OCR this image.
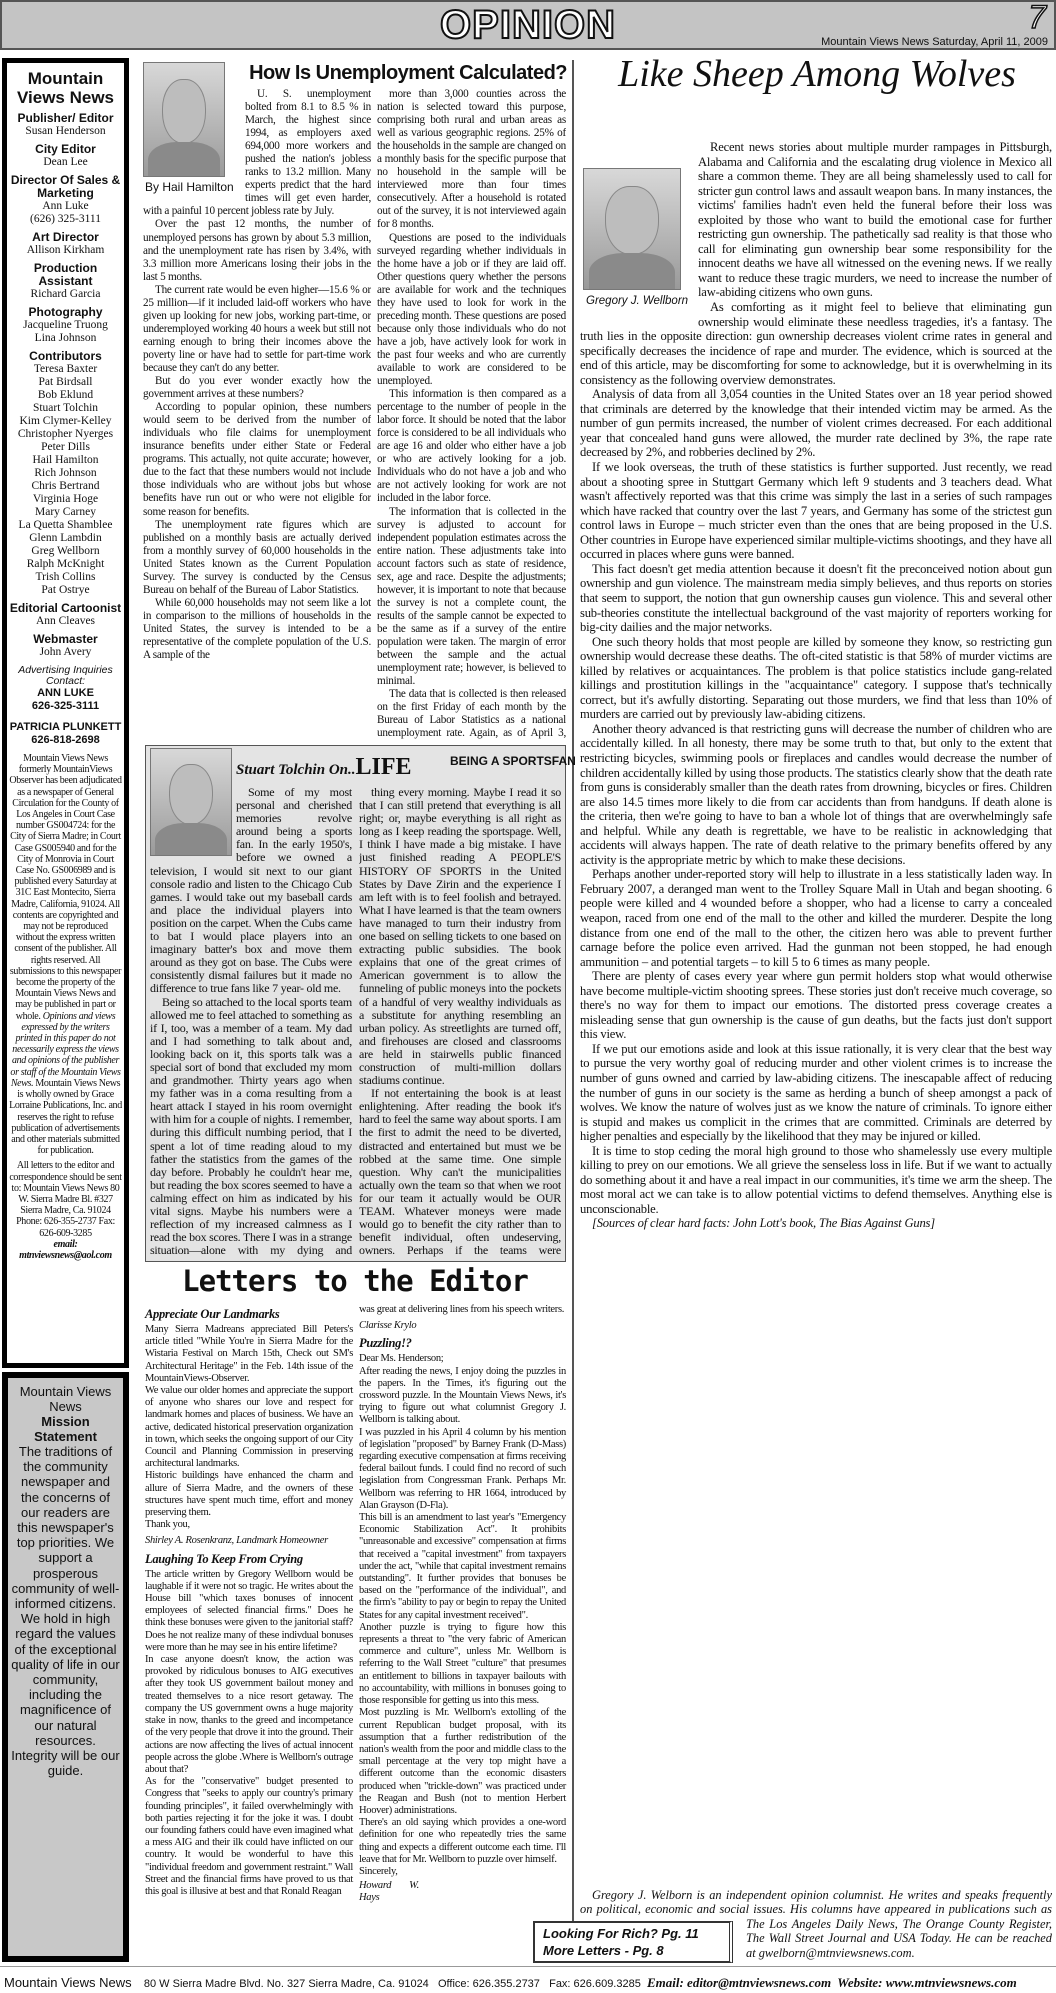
OPINION	7
Mountain Views News Saturday, April 11, 2009
Mountain Views News
Publisher/ Editor
Susan Henderson
City Editor
Dean Lee
Director Of Sales & Marketing
Ann Luke
(626) 325-3111
Art Director
Allison Kirkham
Production Assistant
Richard Garcia
Photography
Jacqueline Truong
Lina Johnson
Contributors
Teresa Baxter
Pat Birdsall
Bob Eklund
Stuart Tolchin
Kim Clymer-Kelley
Christopher Nyerges
Peter Dills
Hail Hamilton
Rich Johnson
Chris Bertrand
Virginia Hoge
Mary Carney
La Quetta Shamblee
Glenn Lambdin
Greg Wellborn
Ralph McKnight
Trish Collins
Pat Ostrye
Editorial Cartoonist
Ann Cleaves
Webmaster
John Avery
Advertising Inquiries Contact:
ANN LUKE
626-325-3111
PATRICIA PLUNKETT
626-818-2698
Mountain Views News formerly MountainViews Observer has been adjudicated as a newspaper of General Circulation for the County of Los Angeles in Court Case number GS004724: for the City of Sierra Madre; in Court Case GS005940 and for the City of Monrovia in Court Case No. GS006989 and is published every Saturday at 31C East Montecito, Sierra Madre, California, 91024. All contents are copyrighted and may not be reproduced without the express written consent of the publisher. All rights reserved. All submissions to this newspaper become the property of the Mountain Views News and may be published in part or whole. Opinions and views expressed by the writers printed in this paper do not necessarily express the views and opinions of the publisher or staff of the Mountain Views News. Mountain Views News is wholly owned by Grace Lorraine Publications, Inc. and reserves the right to refuse publication of advertisements and other materials submitted for publication.
All letters to the editor and correspondence should be sent to: Mountain Views News 80 W. Sierra Madre Bl. #327 Sierra Madre, Ca. 91024 Phone: 626-355-2737 Fax: 626-609-3285
email:
mtnviewsnews@aol.com
Mountain Views News
Mission Statement
The traditions of the community newspaper and the concerns of our readers are this newspaper's top priorities. We support a prosperous community of well-informed citizens. We hold in high regard the values of the exceptional quality of life in our community, including the magnificence of our natural resources. Integrity will be our guide.
By Hail Hamilton
How Is Unemployment Calculated?

U. S. unemployment bolted from 8.1 to 8.5 % in March, the highest since 1994, as employers axed 694,000 more workers and pushed the nation's jobless ranks to 13.2 million. Many experts predict that the hard times will get even harder, with a painful 10 percent jobless rate by July.

Over the past 12 months, the number of unemployed persons has grown by about 5.3 million, and the unemployment rate has risen by 3.4%, with 3.3 million more Americans losing their jobs in the last 5 months.

The current rate would be even higher—15.6 % or 25 million—if it included laid-off workers who have given up looking for new jobs, working part-time, or underemployed working 40 hours a week but still not earning enough to bring their incomes above the poverty line or have had to settle for part-time work because they can't do any better.

But do you ever wonder exactly how the government arrives at these numbers?

According to popular opinion, these numbers would seem to be derived from the number of individuals who file claims for unemployment insurance benefits under either State or Federal programs. This actually, not quite accurate; however, due to the fact that these numbers would not include those individuals who are without jobs but whose benefits have run out or who were not eligible for some reason for benefits.

The unemployment rate figures which are published on a monthly basis are actually derived from a monthly survey of 60,000 households in the United States known as the Current Population Survey. The survey is conducted by the Census Bureau on behalf of the Bureau of Labor Statistics.

While 60,000 households may not seem like a lot in comparison to the millions of households in the United States, the survey is intended to be a representative of the complete population of the U.S. A sample of the

more than 3,000 counties across the nation is selected toward this purpose, comprising both rural and urban areas as well as various geographic regions. 25% of the households in the sample are changed on a monthly basis for the specific purpose that no household in the sample will be interviewed more than four times consecutively. After a household is rotated out of the survey, it is not interviewed again for 8 months.

Questions are posed to the individuals surveyed regarding whether individuals in the home have a job or if they are laid off. Other questions query whether the persons are available for work and the techniques they have used to look for work in the preceding month. These questions are posed because only those individuals who do not have a job, have actively look for work in the past four weeks and who are currently available to work are considered to be unemployed.

This information is then compared as a percentage to the number of people in the labor force. It should be noted that the labor force is considered to be all individuals who are age 16 and older who either have a job or who are actively looking for a job. Individuals who do not have a job and who are not actively looking for work are not included in the labor force.

The information that is collected in the survey is adjusted to account for independent population estimates across the entire nation. These adjustments take into account factors such as state of residence, sex, age and race. Despite the adjustments; however, it is important to note that because the survey is not a complete count, the results of the sample cannot be expected to be the same as if a survey of the entire population were taken. The margin of error between the sample and the actual unemployment rate; however, is believed to minimal.

The data that is collected is then released on the first Friday of each month by the Bureau of Labor Statistics as a national unemployment rate. Again, as of April 3,

Stuart Tolchin On..LIFE	BEING A SPORTSFAN

Some of my most personal and cherished memories revolve around being a sports fan. In the early 1950's, before we owned a television, I would sit next to our giant console radio and listen to the Chicago Cub games. I would take out my baseball cards and place the individual players into position on the carpet. When the Cubs came to bat I would place players into an imaginary batter's box and move them around as they got on base. The Cubs were consistently dismal failures but it made no difference to true fans like 7 year- old me.

Being so attached to the local sports team allowed me to feel attached to something as if I, too, was a member of a team. My dad and I had something to talk about and, looking back on it, this sports talk was a special sort of bond that excluded my mom and grandmother. Thirty years ago when my father was in a coma resulting from a heart attack I stayed in his room overnight with him for a couple of nights. I remember, during this difficult numbing period, that I spent a lot of time reading aloud to my father the statistics from the games of the day before. Probably he couldn't hear me, but reading the box scores seemed to have a calming effect on him as indicated by his vital signs. Maybe his numbers were a reflection of my increased calmness as I read the box scores. There I was in a strange situation—alone with my dying and

thing every morning. Maybe I read it so that I can still pretend that everything is all right; or, maybe everything is all right as long as I keep reading the sportspage. Well, I think I have made a big mistake. I have just finished reading A PEOPLE'S HISTORY OF SPORTS in the United States by Dave Zirin and the experience I am left with is to feel foolish and betrayed. What I have learned is that the team owners have managed to turn their industry from one based on selling tickets to one based on extracting public subsidies. The book explains that one of the great crimes of American government is to allow the funneling of public moneys into the pockets of a handful of very wealthy individuals as a substitute for anything resembling an urban policy. As streetlights are turned off, and firehouses are closed and classrooms are held in stairwells public financed construction of multi-million dollars stadiums continue.

If not entertaining the book is at least enlightening. After reading the book it's hard to feel the same way about sports. I am the first to admit the need to be diverted, distracted and entertained but must we be robbed at the same time. One simple question. Why can't the municipalities actually own the team so that when we root for our team it actually would be OUR TEAM. Whatever moneys were made would go to benefit the city rather than to benefit individual, often undeserving, owners. Perhaps if the teams were

Letters to the Editor
Appreciate Our Landmarks

Many Sierra Madreans appreciated Bill Peters's article titled "While You're in Sierra Madre for the Wistaria Festival on March 15th, Check out SM's Architectural Heritage" in the Feb. 14th issue of the MountainViews-Observer.

We value our older homes and appreciate the support of anyone who shares our love and respect for landmark homes and places of business. We have an active, dedicated historical preservation organization in town, which seeks the ongoing support of our City Council and Planning Commission in preserving architectural landmarks.

Historic buildings have enhanced the charm and allure of Sierra Madre, and the owners of these structures have spent much time, effort and money preserving them.

Thank you,

Shirley A. Rosenkranz, Landmark Homeowner

Laughing To Keep From Crying

The article written by Gregory Wellborn would be laughable if it were not so tragic. He writes about the House bill "which taxes bonuses of innocent employees of selected financial firms." Does he think these bonuses were given to the janitorial staff? Does he not realize many of these indivdual bonuses were more than he may see in his entire lifetime?

In case anyone doesn't know, the action was provoked by ridiculous bonuses to AIG executives after they took US government bailout money and treated themselves to a nice resort getaway. The company the US government owns a huge majority stake in now, thanks to the greed and incompetance of the very people that drove it into the ground. Their actions are now affecting the lives of actual innocent people across the globe .Where is Wellborn's outrage about that?

As for the "conservative" budget presented to Congress that "seeks to apply our country's primary founding principles", it failed overwhelmingly with both parties rejecting it for the joke it was. I doubt our founding fathers could have even imagined what a mess AIG and their ilk could have inflicted on our country. It would be wonderful to have this "individual freedom and government restraint." Wall Street and the financial firms have proved to us that this goal is illusive at best and that Ronald Reagan

was great at delivering lines from his speech writers.

Clarisse Krylo

Puzzling!?

Dear Ms. Henderson;

After reading the news, I enjoy doing the puzzles in the papers. In the Times, it's figuring out the crossword puzzle. In the Mountain Views News, it's trying to figure out what columnist Gregory J. Wellborn is talking about.

I was puzzled in his April 4 column by his mention of legislation "proposed" by Barney Frank (D-Mass) regarding executive compensation at firms receiving federal bailout funds. I could find no record of such legislation from Congressman Frank. Perhaps Mr. Wellborn was referring to HR 1664, introduced by Alan Grayson (D-Fla).

This bill is an amendment to last year's "Emergency Economic Stabilization Act". It prohibits "unreasonable and excessive" compensation at firms that received a "capital investment" from taxpayers under the act, "while that capital investment remains outstanding". It further provides that bonuses be based on the "performance of the individual", and the firm's "ability to pay or begin to repay the United States for any capital investment received".

Another puzzle is trying to figure how this represents a threat to "the very fabric of American commerce and culture", unless Mr. Wellborn is referring to the Wall Street "culture" that presumes an entitlement to billions in taxpayer bailouts with no accountability, with millions in bonuses going to those responsible for getting us into this mess.

Most puzzling is Mr. Wellborn's extolling of the current Republican budget proposal, with its assumption that a further redistribution of the nation's wealth from the poor and middle class to the small percentage at the very top might have a different outcome than the economic disasters produced when "trickle-down" was practiced under the Reagan and Bush (not to mention Herbert Hoover) administrations.

There's an old saying which provides a one-word definition for one who repeatedly tries the same thing and expects a different outcome each time. I'll leave that for Mr. Wellborn to puzzle over himself.

Sincerely,

Howard W. Hays

Looking For Rich? Pg. 11
More Letters - Pg. 8
Like Sheep Among Wolves
Gregory J. Wellborn

Recent news stories about multiple murder rampages in Pittsburgh, Alabama and California and the escalating drug violence in Mexico all share a common theme. They are all being shamelessly used to call for stricter gun control laws and assault weapon bans. In many instances, the victims' families hadn't even held the funeral before their loss was exploited by those who want to build the emotional case for further restricting gun ownership. The pathetically sad reality is that those who call for eliminating gun ownership bear some responsibility for the innocent deaths we have all witnessed on the evening news. If we really want to reduce these tragic murders, we need to increase the number of law-abiding citizens who own guns.

As comforting as it might feel to believe that eliminating gun ownership would eliminate these needless tragedies, it's a fantasy. The truth lies in the opposite direction: gun ownership decreases violent crime rates in general and specifically decreases the incidence of rape and murder. The evidence, which is sourced at the end of this article, may be discomforting for some to acknowledge, but it is overwhelming in its consistency as the following overview demonstrates.

Analysis of data from all 3,054 counties in the United States over an 18 year period showed that criminals are deterred by the knowledge that their intended victim may be armed. As the number of gun permits increased, the number of violent crimes decreased. For each additional year that concealed hand guns were allowed, the murder rate declined by 3%, the rape rate decreased by 2%, and robberies declined by 2%.

If we look overseas, the truth of these statistics is further supported. Just recently, we read about a shooting spree in Stuttgart Germany which left 9 students and 3 teachers dead. What wasn't affectively reported was that this crime was simply the last in a series of such rampages which have racked that country over the last 7 years, and Germany has some of the strictest gun control laws in Europe – much stricter even than the ones that are being proposed in the U.S. Other countries in Europe have experienced similar multiple-victims shootings, and they have all occurred in places where guns were banned.

This fact doesn't get media attention because it doesn't fit the preconceived notion about gun ownership and gun violence. The mainstream media simply believes, and thus reports on stories that seem to support, the notion that gun ownership causes gun violence. This and several other sub-theories constitute the intellectual background of the vast majority of reporters working for big-city dailies and the major networks.

One such theory holds that most people are killed by someone they know, so restricting gun ownership would decrease these deaths. The oft-cited statistic is that 58% of murder victims are killed by relatives or acquaintances. The problem is that police statistics include gang-related killings and prostitution killings in the "acquaintance" category. I suppose that's technically correct, but it's awfully distorting. Separating out those murders, we find that less than 10% of murders are carried out by previously law-abiding citizens.

Another theory advanced is that restricting guns will decrease the number of children who are accidentally killed. In all honesty, there may be some truth to that, but only to the extent that restricting bicycles, swimming pools or fireplaces and candles would decrease the number of children accidentally killed by using those products. The statistics clearly show that the death rate from guns is considerably smaller than the death rates from drowning, bicycles or fires. Children are also 14.5 times more likely to die from car accidents than from handguns. If death alone is the criteria, then we're going to have to ban a whole lot of things that are overwhelmingly safe and helpful. While any death is regrettable, we have to be realistic in acknowledging that accidents will always happen. The rate of death relative to the primary benefits offered by any activity is the appropriate metric by which to make these decisions.

Perhaps another under-reported story will help to illustrate in a less statistically laden way. In February 2007, a deranged man went to the Trolley Square Mall in Utah and began shooting. 6 people were killed and 4 wounded before a shopper, who had a license to carry a concealed weapon, raced from one end of the mall to the other and killed the murderer. Despite the long distance from one end of the mall to the other, the citizen hero was able to prevent further carnage before the police even arrived. Had the gunman not been stopped, he had enough ammunition – and potential targets – to kill 5 to 6 times as many people.

There are plenty of cases every year where gun permit holders stop what would otherwise have become multiple-victim shooting sprees. These stories just don't receive much coverage, so there's no way for them to impact our emotions. The distorted press coverage creates a misleading sense that gun ownership is the cause of gun deaths, but the facts just don't support this view.

If we put our emotions aside and look at this issue rationally, it is very clear that the best way to pursue the very worthy goal of reducing murder and other violent crimes is to increase the number of guns owned and carried by law-abiding citizens. The inescapable affect of reducing the number of guns in our society is the same as herding a bunch of sheep amongst a pack of wolves. We know the nature of wolves just as we know the nature of criminals. To ignore either is stupid and makes us complicit in the crimes that are committed. Criminals are deterred by higher penalties and especially by the likelihood that they may be injured or killed.

It is time to stop ceding the moral high ground to those who shamelessly use every multiple killing to prey on our emotions. We all grieve the senseless loss in life. But if we want to actually do something about it and have a real impact in our communities, it's time we arm the sheep. The most moral act we can take is to allow potential victims to defend themselves. Anything else is unconscionable.

[Sources of clear hard facts: John Lott's book, The Bias Against Guns]

Gregory J. Welborn is an independent opinion columnist. He writes and speaks frequently on political, economic and social issues. His columns have appeared in publications such as The Los Angeles Daily News, The Orange County Register, The Wall Street Journal and USA Today. He can be reached at gwelborn@mtnviewsnews.com.
Mountain Views News 80 W Sierra Madre Blvd. No. 327 Sierra Madre, Ca. 91024 Office: 626.355.2737 Fax: 626.609.3285 Email: editor@mtnviewsnews.com Website: www.mtnviewsnews.com
